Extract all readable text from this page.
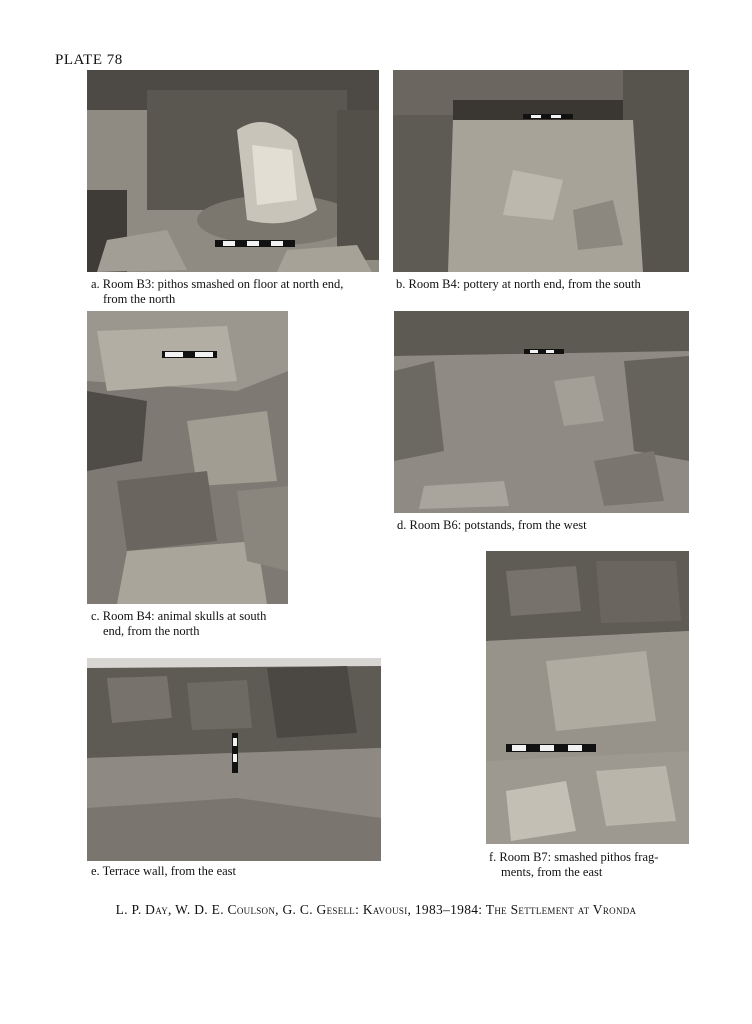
PLATE 78
a. Room B3: pithos smashed on floor at north end,
from the north
b. Room B4: pottery at north end, from the south
c. Room B4: animal skulls at south
end, from the north
d. Room B6: potstands, from the west
e. Terrace wall, from the east
f. Room B7: smashed pithos frag-
ments, from the east
L. P. Day, W. D. E. Coulson, G. C. Gesell: Kavousi, 1983–1984: The Settlement at Vronda
